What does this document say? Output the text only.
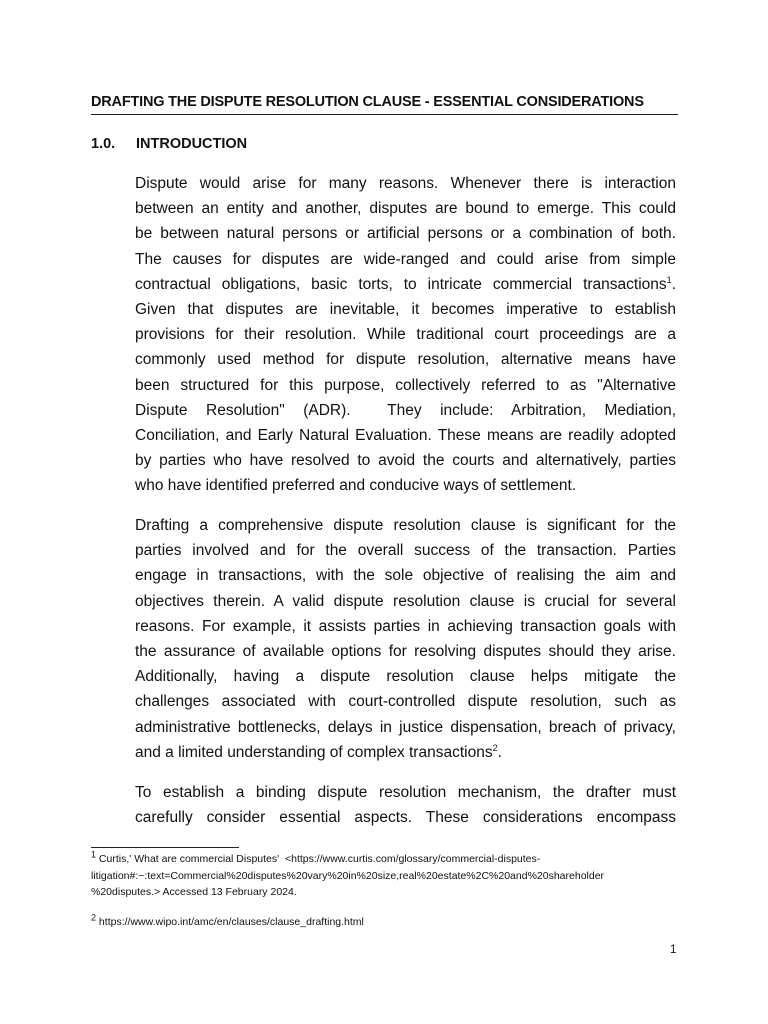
DRAFTING THE DISPUTE RESOLUTION CLAUSE - ESSENTIAL CONSIDERATIONS
1.0. INTRODUCTION
Dispute would arise for many reasons. Whenever there is interaction
between an entity and another, disputes are bound to emerge. This could
be between natural persons or artificial persons or a combination of both.
The causes for disputes are wide-ranged and could arise from simple
contractual obligations, basic torts, to intricate commercial transactions$^1$.
Given that disputes are inevitable, it becomes imperative to establish
provisions for their resolution. While traditional court proceedings are a
commonly used method for dispute resolution, alternative means have
been structured for this purpose, collectively referred to as "Alternative
Dispute  Resolution"  (ADR).    They  include:  Arbitration,  Mediation,
Conciliation, and Early Natural Evaluation. These means are readily adopted
by parties who have resolved to avoid the courts and alternatively, parties
who have identified preferred and conducive ways of settlement.
Drafting a comprehensive dispute resolution clause is significant for the
parties involved and for the overall success of the transaction. Parties
engage in transactions, with the sole objective of realising the aim and
objectives therein. A valid dispute resolution clause is crucial for several
reasons. For example, it assists parties in achieving transaction goals with
the assurance of available options for resolving disputes should they arise.
Additionally, having a dispute resolution clause helps mitigate the
challenges associated with court-controlled dispute resolution, such as
administrative bottlenecks, delays in justice dispensation, breach of privacy,
and a limited understanding of complex transactions$^2$.
To establish a binding dispute resolution mechanism, the drafter must
carefully consider essential aspects. These considerations encompass
$^1$ Curtis,' What are commercial Disputes'  <https://www.curtis.com/glossary/commercial-disputes-
litigation#:~:text=Commercial%20disputes%20vary%20in%20size,real%20estate%2C%20and%20shareholder
%20disputes.> Accessed 13 February 2024.
$^2$ https://www.wipo.int/amc/en/clauses/clause_drafting.html
1
